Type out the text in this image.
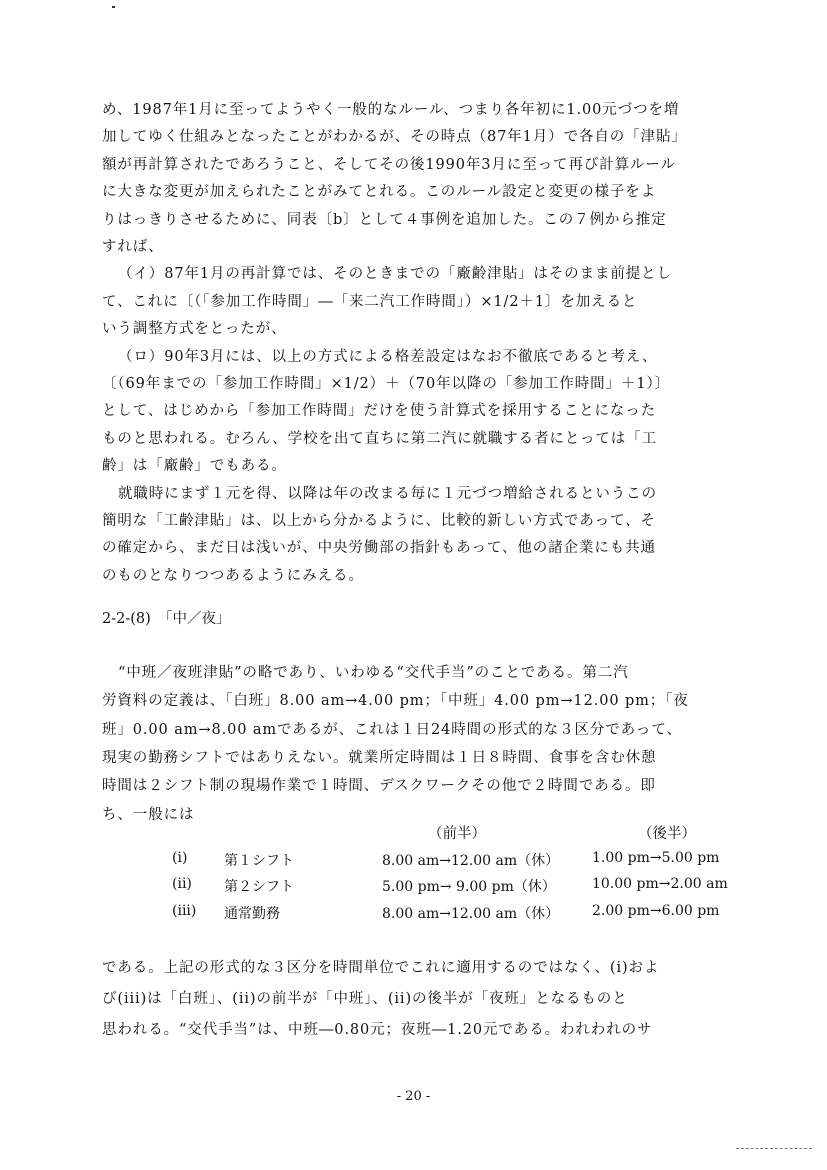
め、1987年1月に至ってようやく一般的なルール、つまり各年初に1.00元づつを増
加してゆく仕組みとなったことがわかるが、その時点（87年1月）で各自の「津貼」
額が再計算されたであろうこと、そしてその後1990年3月に至って再び計算ルール
に大きな変更が加えられたことがみてとれる。このルール設定と変更の様子をよ
りはっきりさせるために、同表〔b〕として４事例を追加した。この７例から推定
すれば、
（イ）87年1月の再計算では、そのときまでの「廠齢津貼」はそのまま前提とし
て、これに〔（「参加工作時間」―「来二汽工作時間」）×1/2＋1〕を加えると
いう調整方式をとったが、
（ロ）90年3月には、以上の方式による格差設定はなお不徹底であると考え、
〔（69年までの「参加工作時間」×1/2）＋（70年以降の「参加工作時間」＋1）〕
として、はじめから「参加工作時間」だけを使う計算式を採用することになった
ものと思われる。むろん、学校を出て直ちに第二汽に就職する者にとっては「工
齢」は「廠齢」でもある。
就職時にまず１元を得、以降は年の改まる毎に１元づつ増給されるというこの
簡明な「工齢津貼」は、以上から分かるように、比較的新しい方式であって、そ
の確定から、まだ日は浅いが、中央労働部の指針もあって、他の諸企業にも共通
のものとなりつつあるようにみえる。
2-2-(8)　「中／夜」
“中班／夜班津貼”の略であり、いわゆる“交代手当”のことである。第二汽
労資料の定義は、「白班」8.00 am→4.00 pm；「中班」4.00 pm→12.00 pm；「夜
班」0.00 am→8.00 amであるが、これは１日24時間の形式的な３区分であって、
現実の勤務シフトではありえない。就業所定時間は１日８時間、食事を含む休憩
時間は２シフト制の現場作業で１時間、デスクワークその他で２時間である。即
ち、一般には
（前半）	（後半）
(i)	第１シフト	8.00 am→12.00 am（休） 1.00 pm→5.00 pm
(ii) 第２シフト	5.00 pm→ 9.00 pm（休）	10.00 pm→2.00 am
(iii) 通常勤務	8.00 am→12.00 am（休） 2.00 pm→6.00 pm
である。上記の形式的な３区分を時間単位でこれに適用するのではなく、(i)およ
び(iii)は「白班」、(ii)の前半が「中班」、(ii)の後半が「夜班」となるものと
思われる。“交代手当”は、中班―0.80元；夜班―1.20元である。われわれのサ
- 20 -
